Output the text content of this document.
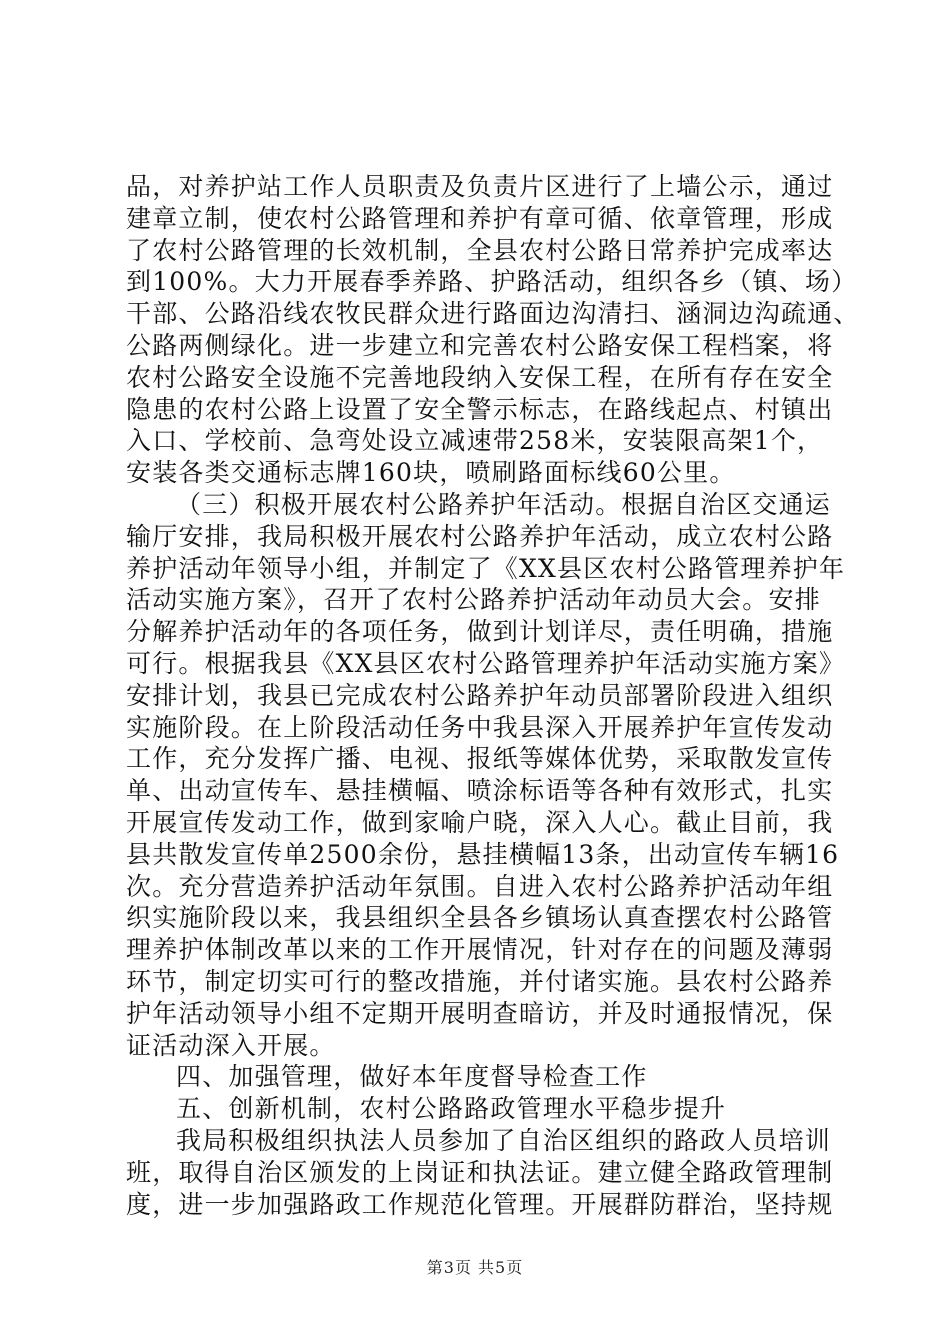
品，对养护站工作人员职责及负责片区进行了上墙公示，通过
建章立制，使农村公路管理和养护有章可循、依章管理，形成
了农村公路管理的长效机制，全县农村公路日常养护完成率达
到100%。大力开展春季养路、护路活动，组织各乡（镇、场）
干部、公路沿线农牧民群众进行路面边沟清扫、涵洞边沟疏通、
公路两侧绿化。进一步建立和完善农村公路安保工程档案，将
农村公路安全设施不完善地段纳入安保工程，在所有存在安全
隐患的农村公路上设置了安全警示标志，在路线起点、村镇出
入口、学校前、急弯处设立减速带258米，安装限高架1个，
安装各类交通标志牌160块，喷刷路面标线60公里。
（三）积极开展农村公路养护年活动。根据自治区交通运
输厅安排，我局积极开展农村公路养护年活动，成立农村公路
养护活动年领导小组，并制定了《XX县区农村公路管理养护年
活动实施方案》，召开了农村公路养护活动年动员大会。安排
分解养护活动年的各项任务，做到计划详尽，责任明确，措施
可行。根据我县《XX县区农村公路管理养护年活动实施方案》
安排计划，我县已完成农村公路养护年动员部署阶段进入组织
实施阶段。在上阶段活动任务中我县深入开展养护年宣传发动
工作，充分发挥广播、电视、报纸等媒体优势，采取散发宣传
单、出动宣传车、悬挂横幅、喷涂标语等各种有效形式，扎实
开展宣传发动工作，做到家喻户晓，深入人心。截止目前，我
县共散发宣传单2500余份，悬挂横幅13条，出动宣传车辆16
次。充分营造养护活动年氛围。自进入农村公路养护活动年组
织实施阶段以来，我县组织全县各乡镇场认真查摆农村公路管
理养护体制改革以来的工作开展情况，针对存在的问题及薄弱
环节，制定切实可行的整改措施，并付诸实施。县农村公路养
护年活动领导小组不定期开展明查暗访，并及时通报情况，保
证活动深入开展。
四、加强管理，做好本年度督导检查工作
五、创新机制，农村公路路政管理水平稳步提升
我局积极组织执法人员参加了自治区组织的路政人员培训
班，取得自治区颁发的上岗证和执法证。建立健全路政管理制
度，进一步加强路政工作规范化管理。开展群防群治，坚持规
第3页 共5页
